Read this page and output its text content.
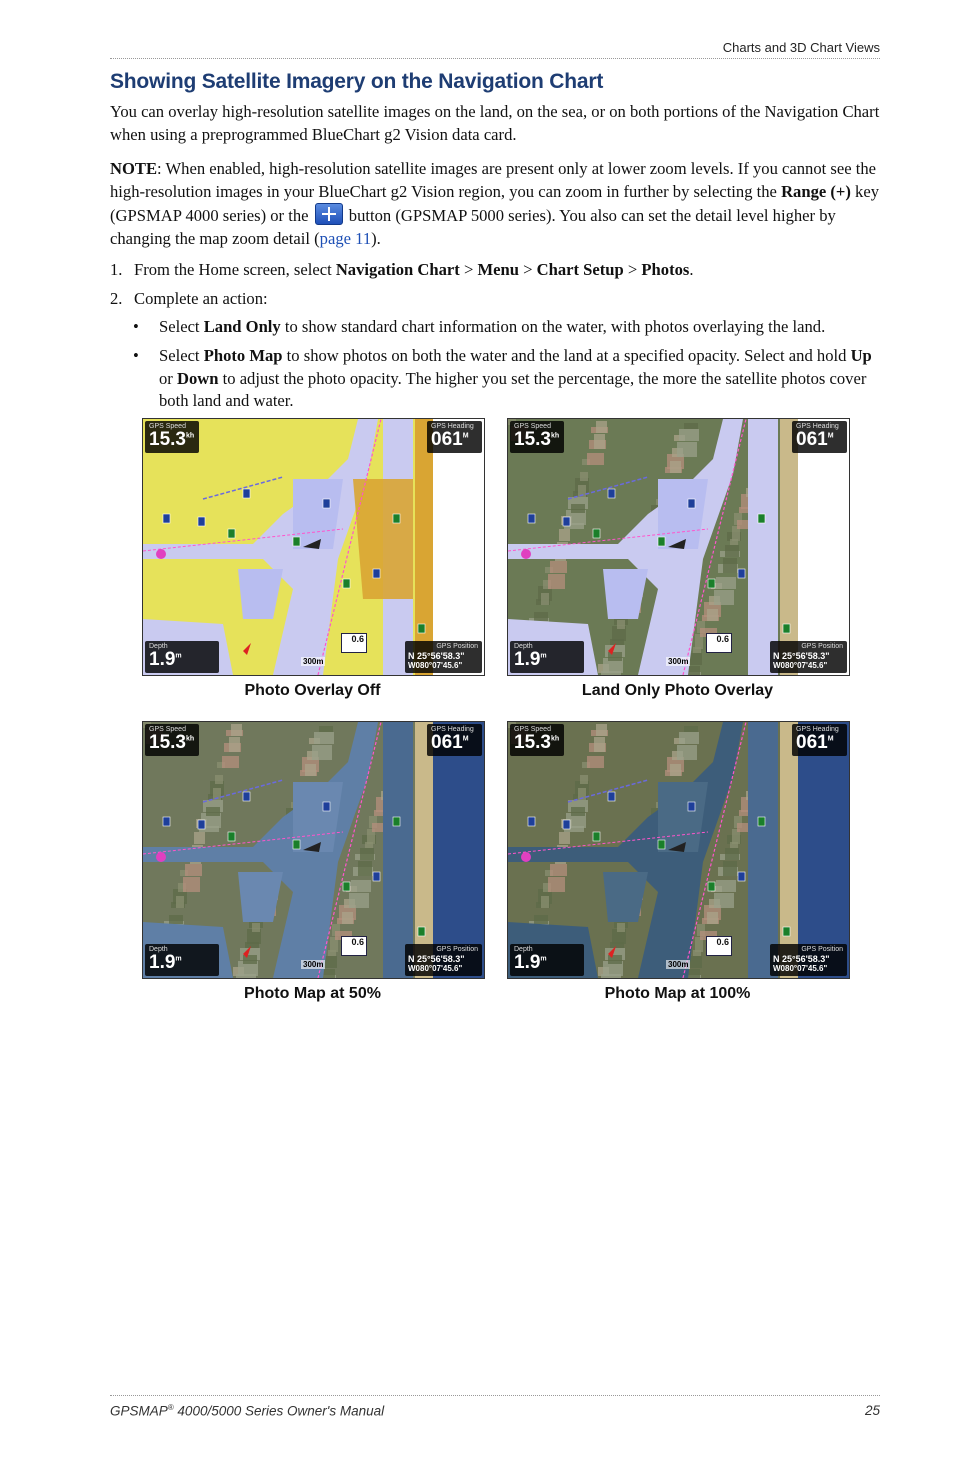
Charts and 3D Chart Views
Showing Satellite Imagery on the Navigation Chart
You can overlay high-resolution satellite images on the land, on the sea, or on both portions of the Navigation Chart when using a preprogrammed BlueChart g2 Vision data card.
NOTE: When enabled, high-resolution satellite images are present only at lower zoom levels. If you cannot see the high-resolution images in your BlueChart g2 Vision region, you can zoom in further by selecting the Range (+) key (GPSMAP 4000 series) or the  button (GPSMAP 5000 series). You also can set the detail level higher by changing the map zoom detail (page 11).
1. From the Home screen, select Navigation Chart > Menu > Chart Setup > Photos.
2. Complete an action:
• Select Land Only to show standard chart information on the water, with photos overlaying the land.
• Select Photo Map to show photos on both the water and the land at a specified opacity. Select and hold Up or Down to adjust the photo opacity. The higher you set the percentage, the more the satellite photos cover both land and water.
GPS Speed
$15.3^{kh}$
GPS Heading
$061^M$
Depth
1.9$^m$
GPS Position
N 25°56'58.3"
W080°07'45.6"
300m
0.6
Photo Overlay Off
GPS Speed
$15.3^{kh}$
GPS Heading
$061^M$
Depth
1.9$^m$
GPS Position
N 25°56'58.3"
W080°07'45.6"
300m
0.6
Land Only Photo Overlay
GPS Speed
$15.3^{kh}$
GPS Heading
$061^M$
Depth
1.9$^m$
GPS Position
N 25°56'58.3"
W080°07'45.6"
300m
0.6
Photo Map at 50%
GPS Speed
$15.3^{kh}$
GPS Heading
$061^M$
Depth
1.9$^m$
GPS Position
N 25°56'58.3"
W080°07'45.6"
300m
0.6
Photo Map at 100%
GPSMAP® 4000/5000 Series Owner's Manual	25
